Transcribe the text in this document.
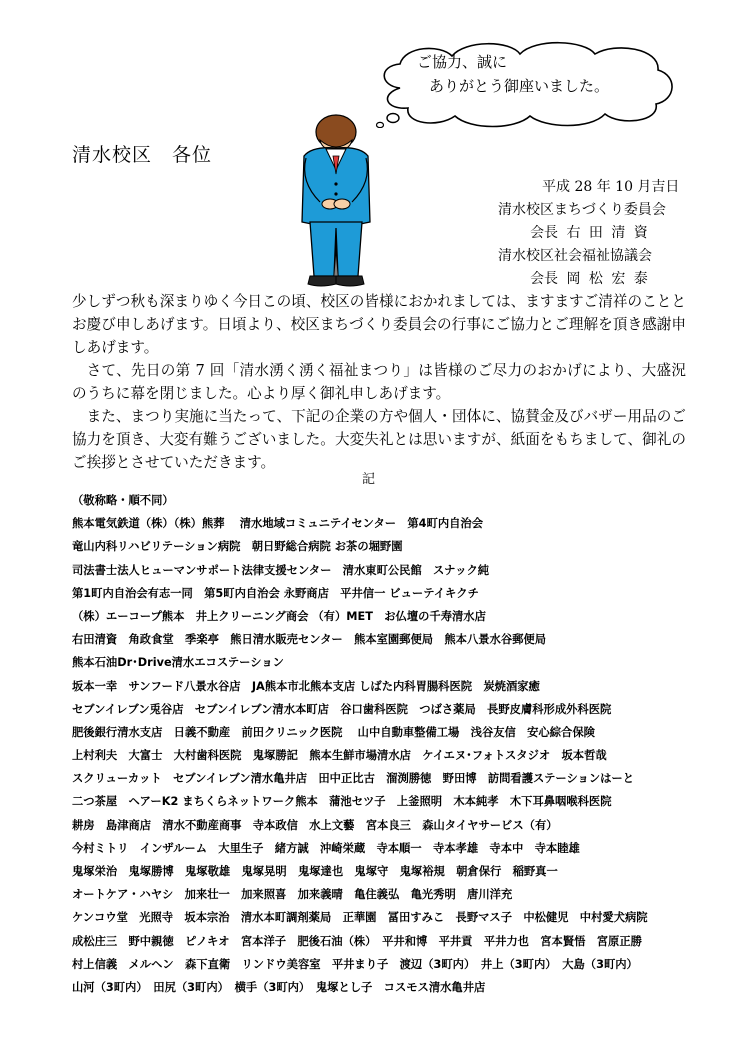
ご協力、誠に
ありがとう御座いました。
清水校区　各位
平成 28 年 10 月吉日
清水校区まちづくり委員会
会長 右 田 清 資
清水校区社会福祉協議会
会長 岡 松 宏 泰

少しずつ秋も深まりゆく今日この頃、校区の皆様におかれましては、ますますご清祥のこととお慶び申しあげます。日頃より、校区まちづくり委員会の行事にご協力とご理解を頂き感謝申しあげます。

さて、先日の第 7 回「清水湧く湧く福祉まつり」は皆様のご尽力のおかげにより、大盛況のうちに幕を閉じました。心より厚く御礼申しあげます。

また、まつり実施に当たって、下記の企業の方や個人・団体に、協賛金及びバザー用品のご協力を頂き、大変有難うございました。大変失礼とは思いますが、紙面をもちまして、御礼のご挨拶とさせていただきます。

記
（敬称略・順不同）
熊本電気鉄道（株）（株）熊葬　 清水地域コミュニテイセンター　第4町内自治会
竜山内科リハビリテーション病院　朝日野総合病院 お茶の堀野園
司法書士法人ヒューマンサポート法律支援センター　清水東町公民館　スナック純
第1町内自治会有志一同　第5町内自治会 永野商店　平井信一 ビューテイキクチ
（株）エーコープ熊本　井上クリーニング商会 （有）MET　お仏壇の千寿清水店
右田清資　角政食堂　季楽亭　熊日清水販売センター　熊本室園郵便局　熊本八景水谷郵便局
熊本石油Dr･Drive清水エコステーション
坂本一幸　サンフード八景水谷店　JA熊本市北熊本支店 しばた内科胃腸科医院　炭焼酒家癒
セブンイレブン兎谷店　セブンイレブン清水本町店　谷口歯科医院　つばさ薬局　長野皮膚科形成外科医院
肥後銀行清水支店　日義不動産　前田クリニック医院　 山中自動車整備工場　浅谷友信　安心綜合保険
上村利夫　大富士　大村歯科医院　鬼塚勝記　熊本生鮮市場清水店　ケイエヌ･フォトスタジオ　坂本哲哉
スクリューカット　セブンイレブン清水亀井店　田中正比古　溜渕勝徳　野田博　訪問看護ステーションはーと
二つ茶屋　ヘアーK2 まちくらネットワーク熊本　蒲池セツ子　上釜照明　木本純孝　木下耳鼻咽喉科医院
耕房　島津商店　清水不動産商事　寺本政信　水上文藝　宮本良三　森山タイヤサービス（有）
今村ミトリ　インザルーム　大里生子　緒方誠　沖崎栄蔵　寺本順一　寺本孝雄　寺本中　寺本睦雄
鬼塚栄治　鬼塚勝博　鬼塚敬雄　鬼塚晃明　鬼塚達也　鬼塚守　鬼塚裕規　朝倉保行　稲野真一
オートケア・ハヤシ　加来壮一　加来照喜　加来義晴　亀住義弘　亀光秀明　唐川洋充
ケンコウ堂　光照寺　坂本宗治　清水本町調剤薬局　正華園　冨田すみこ　長野マス子　中松健児　中村愛犬病院
成松庄三　野中親徳　ピノキオ　宮本洋子　肥後石油（株）　平井和博　平井貢　平井力也　宮本賢悟　宮原正勝
村上信義　メルヘン　森下直衛　リンドウ美容室　平井まり子　渡辺（3町内）　井上（3町内）　大島（3町内）
山河（3町内）　田尻（3町内）　横手（3町内）　鬼塚とし子　コスモス清水亀井店
